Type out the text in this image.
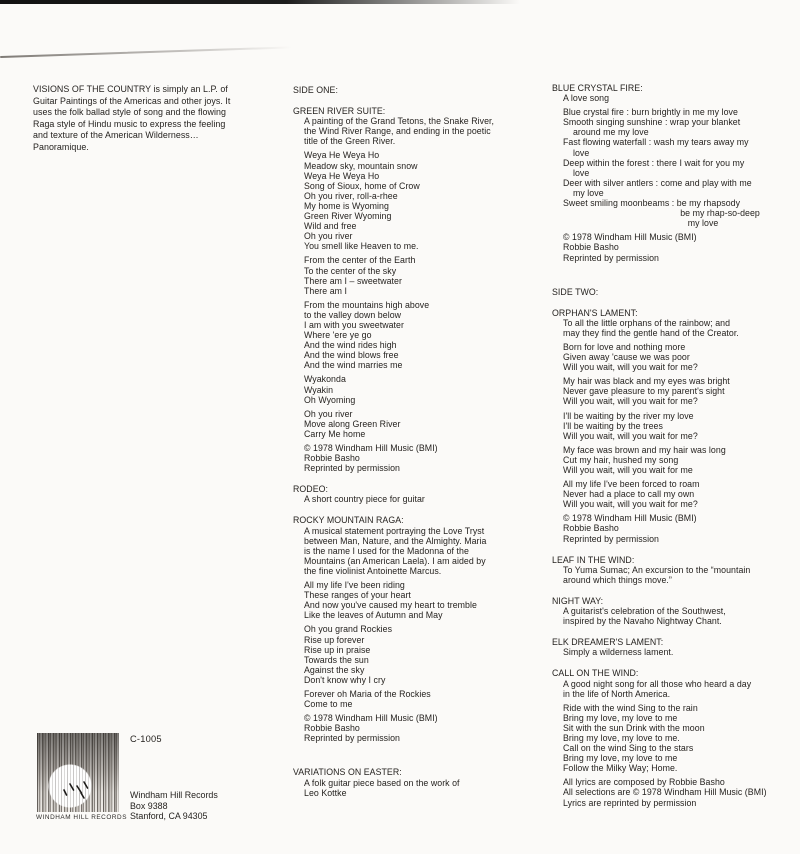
VISIONS OF THE COUNTRY is simply an L.P. of
Guitar Paintings of the Americas and other joys. It
uses the folk ballad style of song and the flowing
Raga style of Hindu music to express the feeling
and texture of the American Wilderness…
Panoramique.
SIDE ONE:
GREEN RIVER SUITE:
A painting of the Grand Tetons, the Snake River,
the Wind River Range, and ending in the poetic
title of the Green River.
Weya He Weya Ho
Meadow sky, mountain snow
Weya He Weya Ho
Song of Sioux, home of Crow
Oh you river, roll-a-rhee
My home is Wyoming
Green River Wyoming
Wild and free
Oh you river
You smell like Heaven to me.
From the center of the Earth
To the center of the sky
There am I – sweetwater
There am I
From the mountains high above
to the valley down below
I am with you sweetwater
Where 'ere ye go
And the wind rides high
And the wind blows free
And the wind marries me
Wyakonda
Wyakin
Oh Wyoming
Oh you river
Move along Green River
Carry Me home
© 1978 Windham Hill Music (BMI)
Robbie Basho
Reprinted by permission
RODEO:
A short country piece for guitar
ROCKY MOUNTAIN RAGA:
A musical statement portraying the Love Tryst
between Man, Nature, and the Almighty. Maria
is the name I used for the Madonna of the
Mountains (an American Laela). I am aided by
the fine violinist Antoinette Marcus.
All my life I've been riding
These ranges of your heart
And now you've caused my heart to tremble
Like the leaves of Autumn and May
Oh you grand Rockies
Rise up forever
Rise up in praise
Towards the sun
Against the sky
Don't know why I cry
Forever oh Maria of the Rockies
Come to me
© 1978 Windham Hill Music (BMI)
Robbie Basho
Reprinted by permission
VARIATIONS ON EASTER:
A folk guitar piece based on the work of
Leo Kottke
BLUE CRYSTAL FIRE:
A love song
Blue crystal fire : burn brightly in me my love
Smooth singing sunshine : wrap your blanket
around me my love
Fast flowing waterfall : wash my tears away my
love
Deep within the forest : there I wait for you my
love
Deer with silver antlers : come and play with me
my love
Sweet smiling moonbeams : be my rhapsody
be my rhap-so-deep
my love
© 1978 Windham Hill Music (BMI)
Robbie Basho
Reprinted by permission
SIDE TWO:
ORPHAN'S LAMENT:
To all the little orphans of the rainbow; and
may they find the gentle hand of the Creator.
Born for love and nothing more
Given away 'cause we was poor
Will you wait, will you wait for me?
My hair was black and my eyes was bright
Never gave pleasure to my parent's sight
Will you wait, will you wait for me?
I'll be waiting by the river my love
I'll be waiting by the trees
Will you wait, will you wait for me?
My face was brown and my hair was long
Cut my hair, hushed my song
Will you wait, will you wait for me
All my life I've been forced to roam
Never had a place to call my own
Will you wait, will you wait for me?
© 1978 Windham Hill Music (BMI)
Robbie Basho
Reprinted by permission
LEAF IN THE WIND:
To Yuma Sumac; An excursion to the “mountain
around which things move.”
NIGHT WAY:
A guitarist's celebration of the Southwest,
inspired by the Navaho Nightway Chant.
ELK DREAMER'S LAMENT:
Simply a wilderness lament.
CALL ON THE WIND:
A good night song for all those who heard a day
in the life of North America.
Ride with the wind Sing to the rain
Bring my love, my love to me
Sit with the sun Drink with the moon
Bring my love, my love to me.
Call on the wind Sing to the stars
Bring my love, my love to me
Follow the Milky Way; Home.
All lyrics are composed by Robbie Basho
All selections are © 1978 Windham Hill Music (BMI)
Lyrics are reprinted by permission
WINDHAM HILL RECORDS
C-1005
Windham Hill Records
Box 9388
Stanford, CA 94305
